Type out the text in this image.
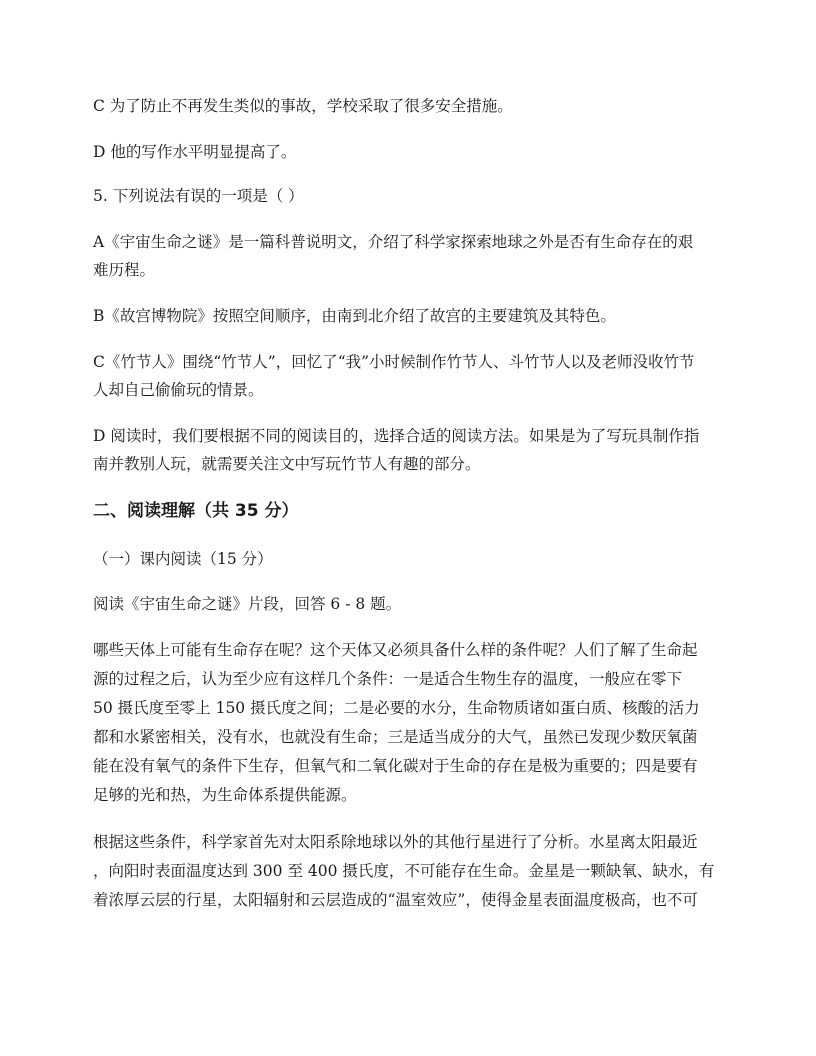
C 为了防止不再发生类似的事故，学校采取了很多安全措施。
D 他的写作水平明显提高了。
5. 下列说法有误的一项是（ ）
A《宇宙生命之谜》是一篇科普说明文，介绍了科学家探索地球之外是否有生命存在的艰
难历程。
B《故宫博物院》按照空间顺序，由南到北介绍了故宫的主要建筑及其特色。
C《竹节人》围绕“竹节人”，回忆了“我”小时候制作竹节人、斗竹节人以及老师没收竹节
人却自己偷偷玩的情景。
D 阅读时，我们要根据不同的阅读目的，选择合适的阅读方法。如果是为了写玩具制作指
南并教别人玩，就需要关注文中写玩竹节人有趣的部分。
二、阅读理解（共 35 分）
（一）课内阅读（15 分）
阅读《宇宙生命之谜》片段，回答 6 - 8 题。
哪些天体上可能有生命存在呢？这个天体又必须具备什么样的条件呢？人们了解了生命起
源的过程之后，认为至少应有这样几个条件：一是适合生物生存的温度，一般应在零下
50 摄氏度至零上 150 摄氏度之间；二是必要的水分，生命物质诸如蛋白质、核酸的活力
都和水紧密相关，没有水，也就没有生命；三是适当成分的大气，虽然已发现少数厌氧菌
能在没有氧气的条件下生存，但氧气和二氧化碳对于生命的存在是极为重要的；四是要有
足够的光和热，为生命体系提供能源。
根据这些条件，科学家首先对太阳系除地球以外的其他行星进行了分析。水星离太阳最近
，向阳时表面温度达到 300 至 400 摄氏度，不可能存在生命。金星是一颗缺氧、缺水，有
着浓厚云层的行星，太阳辐射和云层造成的“温室效应”，使得金星表面温度极高，也不可
